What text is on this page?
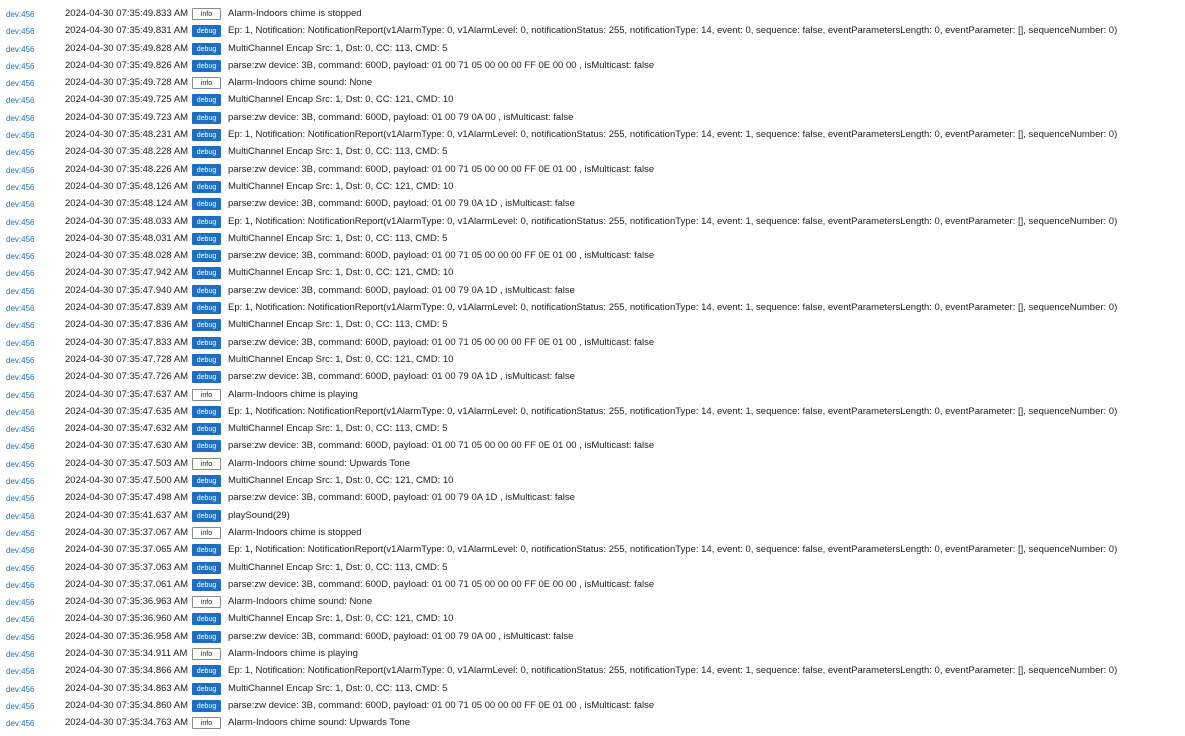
dev:456	2024-04-30 07:35:49.833 AM	info	Alarm-Indoors chime is stopped
dev:456	2024-04-30 07:35:49.831 AM	debug	Ep: 1, Notification: NotificationReport(v1AlarmType: 0, v1AlarmLevel: 0, notificationStatus: 255, notificationType: 14, event: 0, sequence: false, eventParametersLength: 0, eventParameter: [], sequenceNumber: 0)
dev:456	2024-04-30 07:35:49.828 AM	debug	MultiChannel Encap Src: 1, Dst: 0, CC: 113, CMD: 5
dev:456	2024-04-30 07:35:49.826 AM	debug	parse:zw device: 3B, command: 600D, payload: 01 00 71 05 00 00 00 FF 0E 00 00 , isMulticast: false
dev:456	2024-04-30 07:35:49.728 AM	info	Alarm-Indoors chime sound: None
dev:456	2024-04-30 07:35:49.725 AM	debug	MultiChannel Encap Src: 1, Dst: 0, CC: 121, CMD: 10
dev:456	2024-04-30 07:35:49.723 AM	debug	parse:zw device: 3B, command: 600D, payload: 01 00 79 0A 00 , isMulticast: false
dev:456	2024-04-30 07:35:48.231 AM	debug	Ep: 1, Notification: NotificationReport(v1AlarmType: 0, v1AlarmLevel: 0, notificationStatus: 255, notificationType: 14, event: 1, sequence: false, eventParametersLength: 0, eventParameter: [], sequenceNumber: 0)
dev:456	2024-04-30 07:35:48.228 AM	debug	MultiChannel Encap Src: 1, Dst: 0, CC: 113, CMD: 5
dev:456	2024-04-30 07:35:48.226 AM	debug	parse:zw device: 3B, command: 600D, payload: 01 00 71 05 00 00 00 FF 0E 01 00 , isMulticast: false
dev:456	2024-04-30 07:35:48.126 AM	debug	MultiChannel Encap Src: 1, Dst: 0, CC: 121, CMD: 10
dev:456	2024-04-30 07:35:48.124 AM	debug	parse:zw device: 3B, command: 600D, payload: 01 00 79 0A 1D , isMulticast: false
dev:456	2024-04-30 07:35:48.033 AM	debug	Ep: 1, Notification: NotificationReport(v1AlarmType: 0, v1AlarmLevel: 0, notificationStatus: 255, notificationType: 14, event: 1, sequence: false, eventParametersLength: 0, eventParameter: [], sequenceNumber: 0)
dev:456	2024-04-30 07:35:48.031 AM	debug	MultiChannel Encap Src: 1, Dst: 0, CC: 113, CMD: 5
dev:456	2024-04-30 07:35:48.028 AM	debug	parse:zw device: 3B, command: 600D, payload: 01 00 71 05 00 00 00 FF 0E 01 00 , isMulticast: false
dev:456	2024-04-30 07:35:47.942 AM	debug	MultiChannel Encap Src: 1, Dst: 0, CC: 121, CMD: 10
dev:456	2024-04-30 07:35:47.940 AM	debug	parse:zw device: 3B, command: 600D, payload: 01 00 79 0A 1D , isMulticast: false
dev:456	2024-04-30 07:35:47.839 AM	debug	Ep: 1, Notification: NotificationReport(v1AlarmType: 0, v1AlarmLevel: 0, notificationStatus: 255, notificationType: 14, event: 1, sequence: false, eventParametersLength: 0, eventParameter: [], sequenceNumber: 0)
dev:456	2024-04-30 07:35:47.836 AM	debug	MultiChannel Encap Src: 1, Dst: 0, CC: 113, CMD: 5
dev:456	2024-04-30 07:35:47.833 AM	debug	parse:zw device: 3B, command: 600D, payload: 01 00 71 05 00 00 00 FF 0E 01 00 , isMulticast: false
dev:456	2024-04-30 07:35:47.728 AM	debug	MultiChannel Encap Src: 1, Dst: 0, CC: 121, CMD: 10
dev:456	2024-04-30 07:35:47.726 AM	debug	parse:zw device: 3B, command: 600D, payload: 01 00 79 0A 1D , isMulticast: false
dev:456	2024-04-30 07:35:47.637 AM	info	Alarm-Indoors chime is playing
dev:456	2024-04-30 07:35:47.635 AM	debug	Ep: 1, Notification: NotificationReport(v1AlarmType: 0, v1AlarmLevel: 0, notificationStatus: 255, notificationType: 14, event: 1, sequence: false, eventParametersLength: 0, eventParameter: [], sequenceNumber: 0)
dev:456	2024-04-30 07:35:47.632 AM	debug	MultiChannel Encap Src: 1, Dst: 0, CC: 113, CMD: 5
dev:456	2024-04-30 07:35:47.630 AM	debug	parse:zw device: 3B, command: 600D, payload: 01 00 71 05 00 00 00 FF 0E 01 00 , isMulticast: false
dev:456	2024-04-30 07:35:47.503 AM	info	Alarm-Indoors chime sound: Upwards Tone
dev:456	2024-04-30 07:35:47.500 AM	debug	MultiChannel Encap Src: 1, Dst: 0, CC: 121, CMD: 10
dev:456	2024-04-30 07:35:47.498 AM	debug	parse:zw device: 3B, command: 600D, payload: 01 00 79 0A 1D , isMulticast: false
dev:456	2024-04-30 07:35:41.637 AM	debug	playSound(29)
dev:456	2024-04-30 07:35:37.067 AM	info	Alarm-Indoors chime is stopped
dev:456	2024-04-30 07:35:37.065 AM	debug	Ep: 1, Notification: NotificationReport(v1AlarmType: 0, v1AlarmLevel: 0, notificationStatus: 255, notificationType: 14, event: 0, sequence: false, eventParametersLength: 0, eventParameter: [], sequenceNumber: 0)
dev:456	2024-04-30 07:35:37.063 AM	debug	MultiChannel Encap Src: 1, Dst: 0, CC: 113, CMD: 5
dev:456	2024-04-30 07:35:37.061 AM	debug	parse:zw device: 3B, command: 600D, payload: 01 00 71 05 00 00 00 FF 0E 00 00 , isMulticast: false
dev:456	2024-04-30 07:35:36.963 AM	info	Alarm-Indoors chime sound: None
dev:456	2024-04-30 07:35:36.960 AM	debug	MultiChannel Encap Src: 1, Dst: 0, CC: 121, CMD: 10
dev:456	2024-04-30 07:35:36.958 AM	debug	parse:zw device: 3B, command: 600D, payload: 01 00 79 0A 00 , isMulticast: false
dev:456	2024-04-30 07:35:34.911 AM	info	Alarm-Indoors chime is playing
dev:456	2024-04-30 07:35:34.866 AM	debug	Ep: 1, Notification: NotificationReport(v1AlarmType: 0, v1AlarmLevel: 0, notificationStatus: 255, notificationType: 14, event: 1, sequence: false, eventParametersLength: 0, eventParameter: [], sequenceNumber: 0)
dev:456	2024-04-30 07:35:34.863 AM	debug	MultiChannel Encap Src: 1, Dst: 0, CC: 113, CMD: 5
dev:456	2024-04-30 07:35:34.860 AM	debug	parse:zw device: 3B, command: 600D, payload: 01 00 71 05 00 00 00 FF 0E 01 00 , isMulticast: false
dev:456	2024-04-30 07:35:34.763 AM	info	Alarm-Indoors chime sound: Upwards Tone
